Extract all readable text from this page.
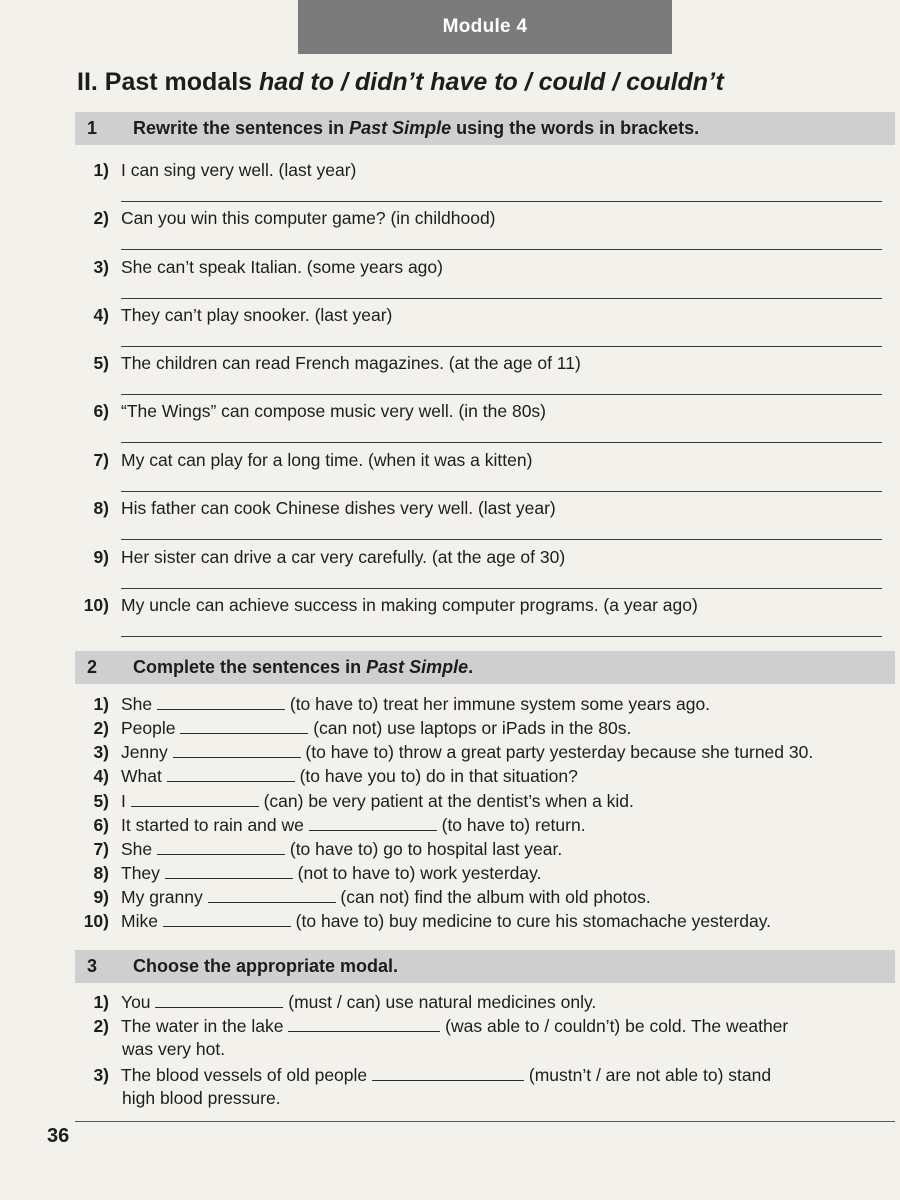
Module 4
II. Past modals had to / didn’t have to / could / couldn’t
1	Rewrite the sentences in Past Simple using the words in brackets.
1) I can sing very well. (last year)
2) Can you win this computer game? (in childhood)
3) She can’t speak Italian. (some years ago)
4) They can’t play snooker. (last year)
5) The children can read French magazines. (at the age of 11)
6) “The Wings” can compose music very well. (in the 80s)
7) My cat can play for a long time. (when it was a kitten)
8) His father can cook Chinese dishes very well. (last year)
9) Her sister can drive a car very carefully. (at the age of 30)
10) My uncle can achieve success in making computer programs. (a year ago)
2	Complete the sentences in Past Simple.
1) She	(to have to) treat her immune system some years ago.
2) People	(can not) use laptops or iPads in the 80s.
3) Jenny	(to have to) throw a great party yesterday because she turned 30.
4) What	(to have you to) do in that situation?
5) I	(can) be very patient at the dentist’s when a kid.
6) It started to rain and we	(to have to) return.
7) She	(to have to) go to hospital last year.
8) They	(not to have to) work yesterday.
9) My granny	(can not) find the album with old photos.
10) Mike	(to have to) buy medicine to cure his stomachache yesterday.
3	Choose the appropriate modal.
1) You	(must / can) use natural medicines only.
2) The water in the lake	(was able to / couldn’t) be cold. The weather
was very hot.
3) The blood vessels of old people	(mustn’t / are not able to) stand
high blood pressure.
36
